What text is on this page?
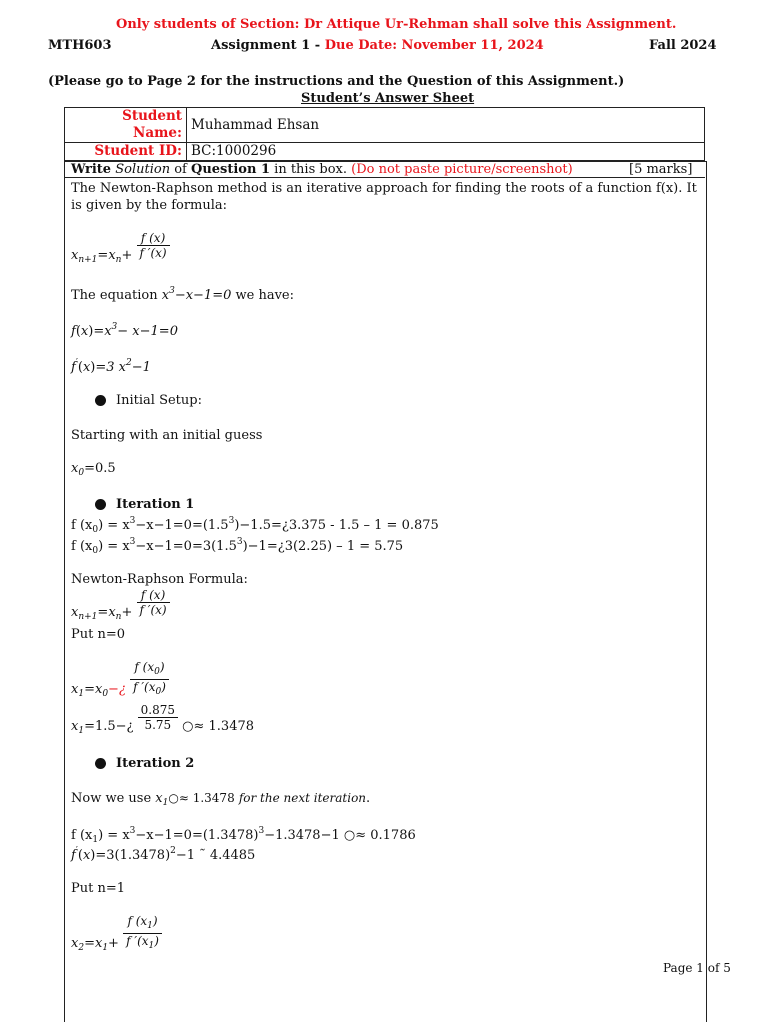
Only students of Section: Dr Attique Ur-Rehman shall solve this Assignment.
MTH603	Assignment 1 - Due Date: November 11, 2024	Fall 2024
(Please go to Page 2 for the instructions and the Question of this Assignment.)
Student’s Answer Sheet
Student Name:	Muhammad Ehsan
Student ID:	BC:1000296
Write Solution of Question 1 in this box. (Do not paste picture/screenshot)	[5 marks]
The Newton-Raphson method is an iterative approach for finding the roots of a function f(x). It
is given by the formula:
$x_{n+1}=x_n+ \frac{f (x)}{f '(x)}$
The equation $x^3-x-1=0$ we have:
$f(x)=x^3- x-1=0$
f′(x)=3 $x^2-1$
Initial Setup:
Starting with an initial guess
$x_0=0.5$
Iteration 1
f $(x_0)$ = $x^3-x-1=0=(1.5^3)-1.5=¿3.375 - 1.5 - 1 = 0.875$
f $(x_0)$ = $x^3-x-1=0=3(1.5^3)-1=¿3(2.25) - 1 = 5.75$
Newton-Raphson Formula:
$x_{n+1}=x_n+ \frac{f (x)}{f '(x)}$
Put n=0
$x_1=x_0-¿ \frac{f (x_0)}{f '(x_0)}$
$x_1=1.5-¿ \frac{0.875}{5.75}$ ○≈ 1.3478
Iteration 2
Now we use $x_1○\approx 1.3478$ for the next iteration.
f $(x_1) = x^3-x-1=0=(1.3478)^3-1.3478-1$ ○≈ 0.1786
$f'(x)=3(1.3478)^2-1$ ˜ 4.4485
Put n=1
$x_2=x_1+ \frac{f (x_1)}{f '(x_1)}$
Page 1 of 5
